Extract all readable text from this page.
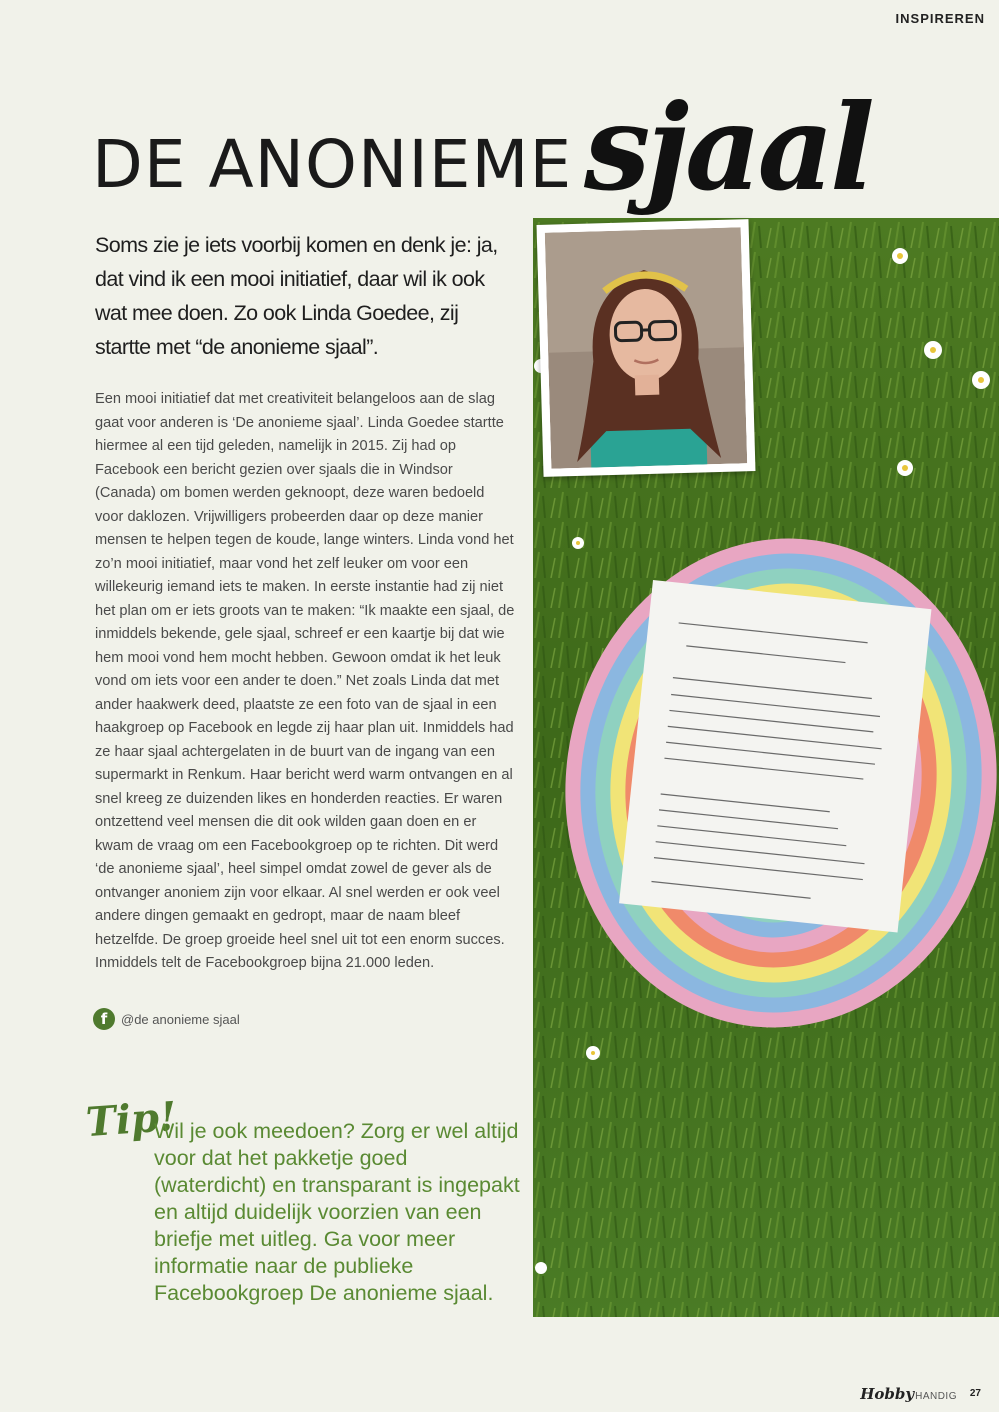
INSPIREREN
DE ANONIEME sjaal
Soms zie je iets voorbij komen en denk je: ja, dat vind ik een mooi initiatief, daar wil ik ook wat mee doen. Zo ook Linda Goedee, zij startte met “de anonieme sjaal”.
Een mooi initiatief dat met creativiteit belangeloos aan de slag gaat voor anderen is ‘De anonieme sjaal’. Linda Goedee startte hiermee al een tijd geleden, namelijk in 2015. Zij had op Facebook een bericht gezien over sjaals die in Windsor (Canada) om bomen werden geknoopt, deze waren bedoeld voor daklozen. Vrijwilligers probeerden daar op deze manier mensen te helpen tegen de koude, lange winters. Linda vond het zo’n mooi initiatief, maar vond het zelf leuker om voor een willekeurig iemand iets te maken. In eerste instantie had zij niet het plan om er iets groots van te maken: “Ik maakte een sjaal, de inmiddels bekende, gele sjaal, schreef er een kaartje bij dat wie hem mooi vond hem mocht hebben. Gewoon omdat ik het leuk vond om iets voor een ander te doen.” Net zoals Linda dat met ander haakwerk deed, plaatste ze een foto van de sjaal in een haakgroep op Facebook en legde zij haar plan uit. Inmiddels had ze haar sjaal achtergelaten in de buurt van de ingang van een supermarkt in Renkum. Haar bericht werd warm ontvangen en al snel kreeg ze duizenden likes en honderden reacties. Er waren ontzettend veel mensen die dit ook wilden gaan doen en er kwam de vraag om een Facebookgroep op te richten. Dit werd ‘de anonieme sjaal’, heel simpel omdat zowel de gever als de ontvanger anoniem zijn voor elkaar. Al snel werden er ook veel andere dingen gemaakt en gedropt, maar de naam bleef hetzelfde. De groep groeide heel snel uit tot een enorm succes. Inmiddels telt de Facebookgroep bijna 21.000 leden.
f	@de anonieme sjaal
Tip!
Wil je ook meedoen? Zorg er wel altijd voor dat het pakketje goed (waterdicht) en transparant is ingepakt en altijd duidelijk voorzien van een briefje met uitleg. Ga voor meer informatie naar de publieke Facebookgroep De anonieme sjaal.
Hobby HANDIG 27
